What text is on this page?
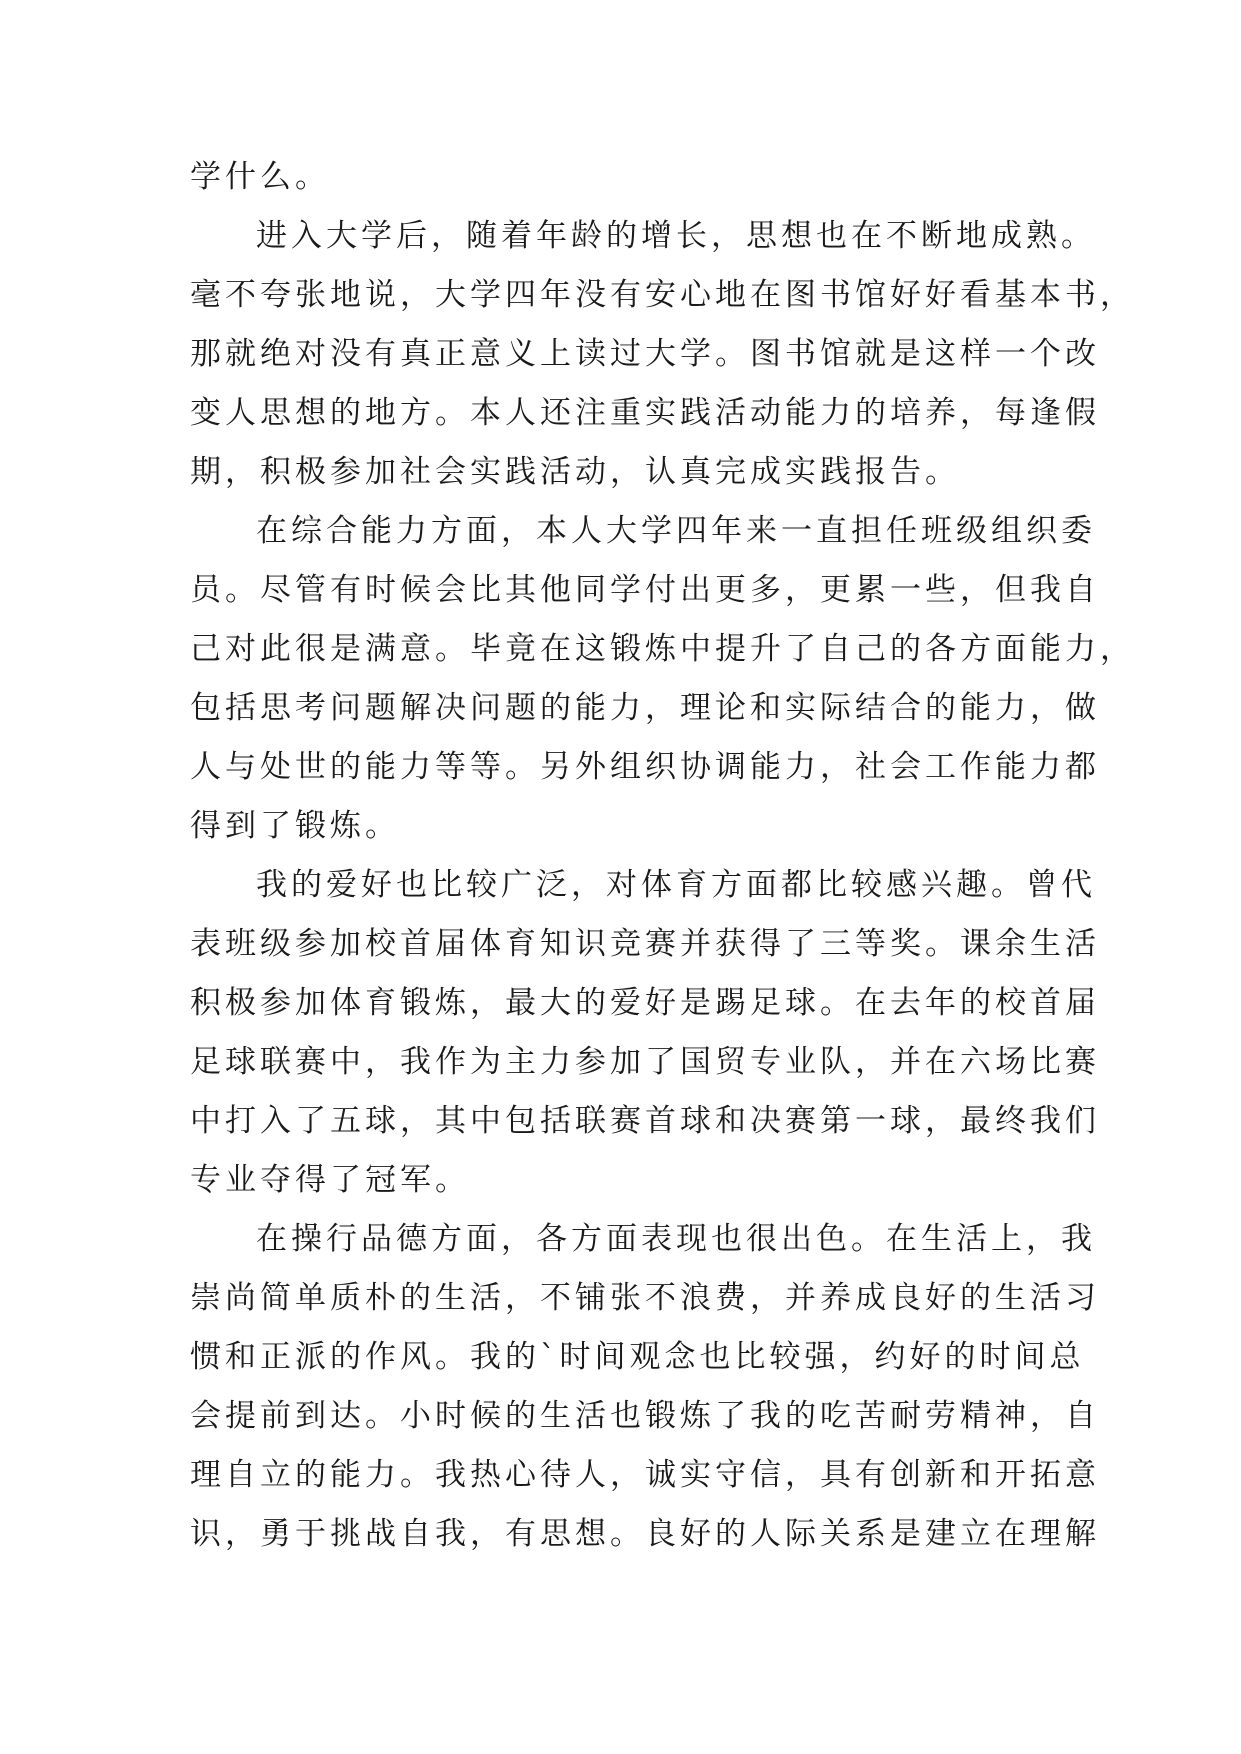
学什么。
进入大学后，随着年龄的增长，思想也在不断地成熟。
毫不夸张地说，大学四年没有安心地在图书馆好好看基本书，
那就绝对没有真正意义上读过大学。图书馆就是这样一个改
变人思想的地方。本人还注重实践活动能力的培养，每逢假
期，积极参加社会实践活动，认真完成实践报告。
在综合能力方面，本人大学四年来一直担任班级组织委
员。尽管有时候会比其他同学付出更多，更累一些，但我自
己对此很是满意。毕竟在这锻炼中提升了自己的各方面能力，
包括思考问题解决问题的能力，理论和实际结合的能力，做
人与处世的能力等等。另外组织协调能力，社会工作能力都
得到了锻炼。
我的爱好也比较广泛，对体育方面都比较感兴趣。曾代
表班级参加校首届体育知识竞赛并获得了三等奖。课余生活
积极参加体育锻炼，最大的爱好是踢足球。在去年的校首届
足球联赛中，我作为主力参加了国贸专业队，并在六场比赛
中打入了五球，其中包括联赛首球和决赛第一球，最终我们
专业夺得了冠军。
在操行品德方面，各方面表现也很出色。在生活上，我
崇尚简单质朴的生活，不铺张不浪费，并养成良好的生活习
惯和正派的作风。我的`时间观念也比较强，约好的时间总
会提前到达。小时候的生活也锻炼了我的吃苦耐劳精神，自
理自立的能力。我热心待人，诚实守信，具有创新和开拓意
识，勇于挑战自我，有思想。良好的人际关系是建立在理解
